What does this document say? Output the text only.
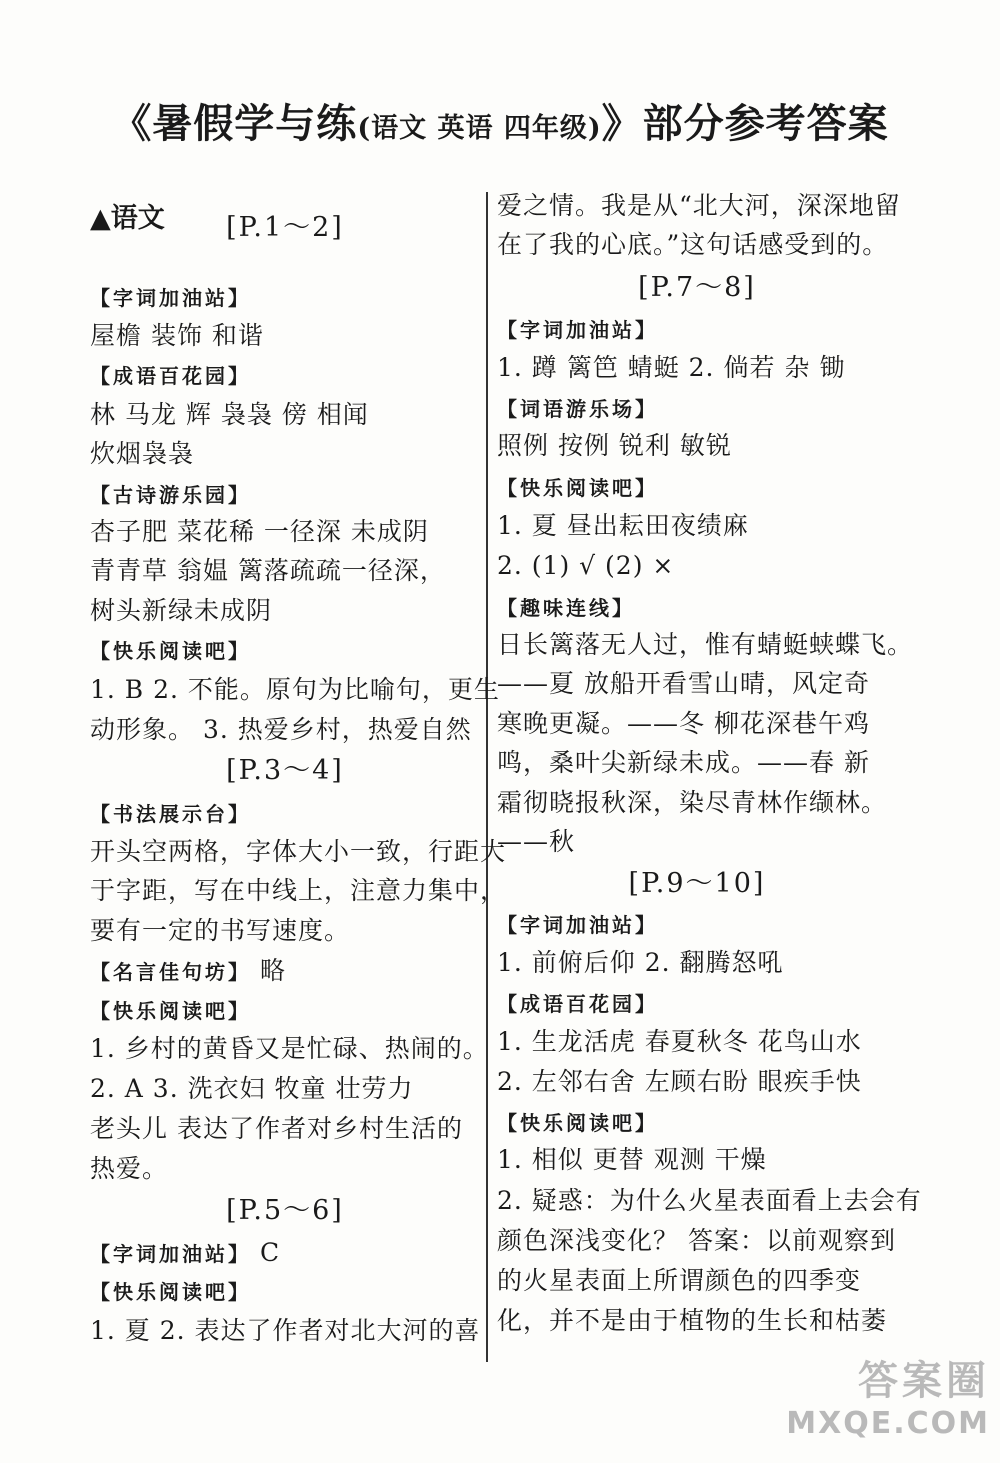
《暑假学与练(语文 英语 四年级)》部分参考答案
▲语文	[P.1～2]
【字词加油站】
屋檐 装饰 和谐
【成语百花园】
林 马龙 辉 袅袅 傍 相闻
炊烟袅袅
【古诗游乐园】
杏子肥 菜花稀 一径深 未成阴
青青草 翁媪 篱落疏疏一径深，
树头新绿未成阴
【快乐阅读吧】
1. B 2. 不能。原句为比喻句，更生
动形象。 3. 热爱乡村，热爱自然
[P.3～4]
【书法展示台】
开头空两格，字体大小一致，行距大
于字距，写在中线上，注意力集中，
要有一定的书写速度。
【名言佳句坊】 略
【快乐阅读吧】
1. 乡村的黄昏又是忙碌、热闹的。
2. A 3. 洗衣妇 牧童 壮劳力
老头儿 表达了作者对乡村生活的
热爱。
[P.5～6]
【字词加油站】 C
【快乐阅读吧】
1. 夏 2. 表达了作者对北大河的喜
爱之情。我是从“北大河，深深地留
在了我的心底。”这句话感受到的。
[P.7～8]
【字词加油站】
1. 蹲 篱笆 蜻蜓 2. 倘若 杂 锄
【词语游乐场】
照例 按例 锐利 敏锐
【快乐阅读吧】
1. 夏 昼出耘田夜绩麻
2. (1) √ (2) ×
【趣味连线】
日长篱落无人过，惟有蜻蜓蛱蝶飞。
——夏 放船开看雪山晴，风定奇
寒晚更凝。——冬 柳花深巷午鸡
鸣，桑叶尖新绿未成。——春 新
霜彻晓报秋深，染尽青林作缬林。
——秋
[P.9～10]
【字词加油站】
1. 前俯后仰 2. 翻腾怒吼
【成语百花园】
1. 生龙活虎 春夏秋冬 花鸟山水
2. 左邻右舍 左顾右盼 眼疾手快
【快乐阅读吧】
1. 相似 更替 观测 干燥
2. 疑惑：为什么火星表面看上去会有
颜色深浅变化？ 答案：以前观察到
的火星表面上所谓颜色的四季变
化，并不是由于植物的生长和枯萎
答案圈
MXQE.COM
